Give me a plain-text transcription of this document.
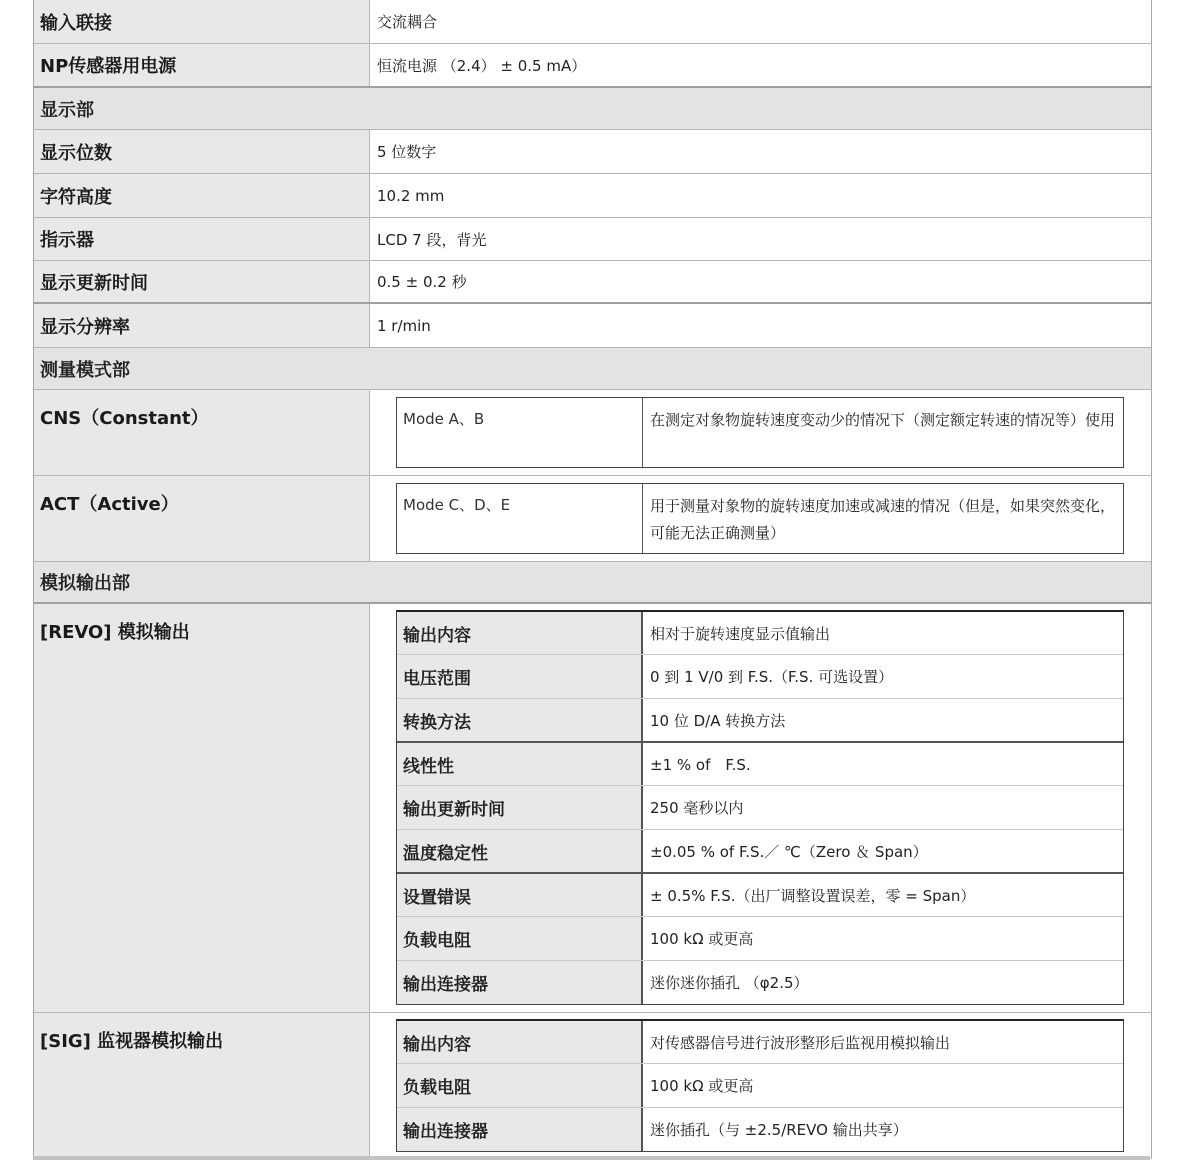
输入联接	交流耦合
NP传感器用电源	恒流电源 （2.4） ± 0.5 mA）
显示部
显示位数	5 位数字
字符高度	10.2 mm
指示器	LCD 7 段，背光
显示更新时间	0.5 ± 0.2 秒
显示分辨率	1 r/min
测量模式部
CNS（Constant）	Mode A、B	在测定对象物旋转速度变动少的情况下（测定额定转速的情况等）使用
ACT（Active）	Mode C、D、E	用于测量对象物的旋转速度加速或减速的情况（但是，如果突然变化，可能无法正确测量）
模拟输出部
[REVO] 模拟输出	输出内容	相对于旋转速度显示值输出
电压范围	0 到 1 V/0 到 F.S.（F.S. 可选设置）
转换方法	10 位 D/A 转换方法
线性性	±1 % of　F.S.
输出更新时间	250 毫秒以内
温度稳定性	±0.05 % of F.S.／ ℃（Zero ＆ Span）
设置错误	± 0.5% F.S.（出厂调整设置误差，零 = Span）
负载电阻	100 kΩ 或更高
输出连接器	迷你迷你插孔 （φ2.5）
[SIG] 监视器模拟输出	输出内容	对传感器信号进行波形整形后监视用模拟输出
负载电阻	100 kΩ 或更高
输出连接器	迷你插孔（与 ±2.5/REVO 输出共享）
